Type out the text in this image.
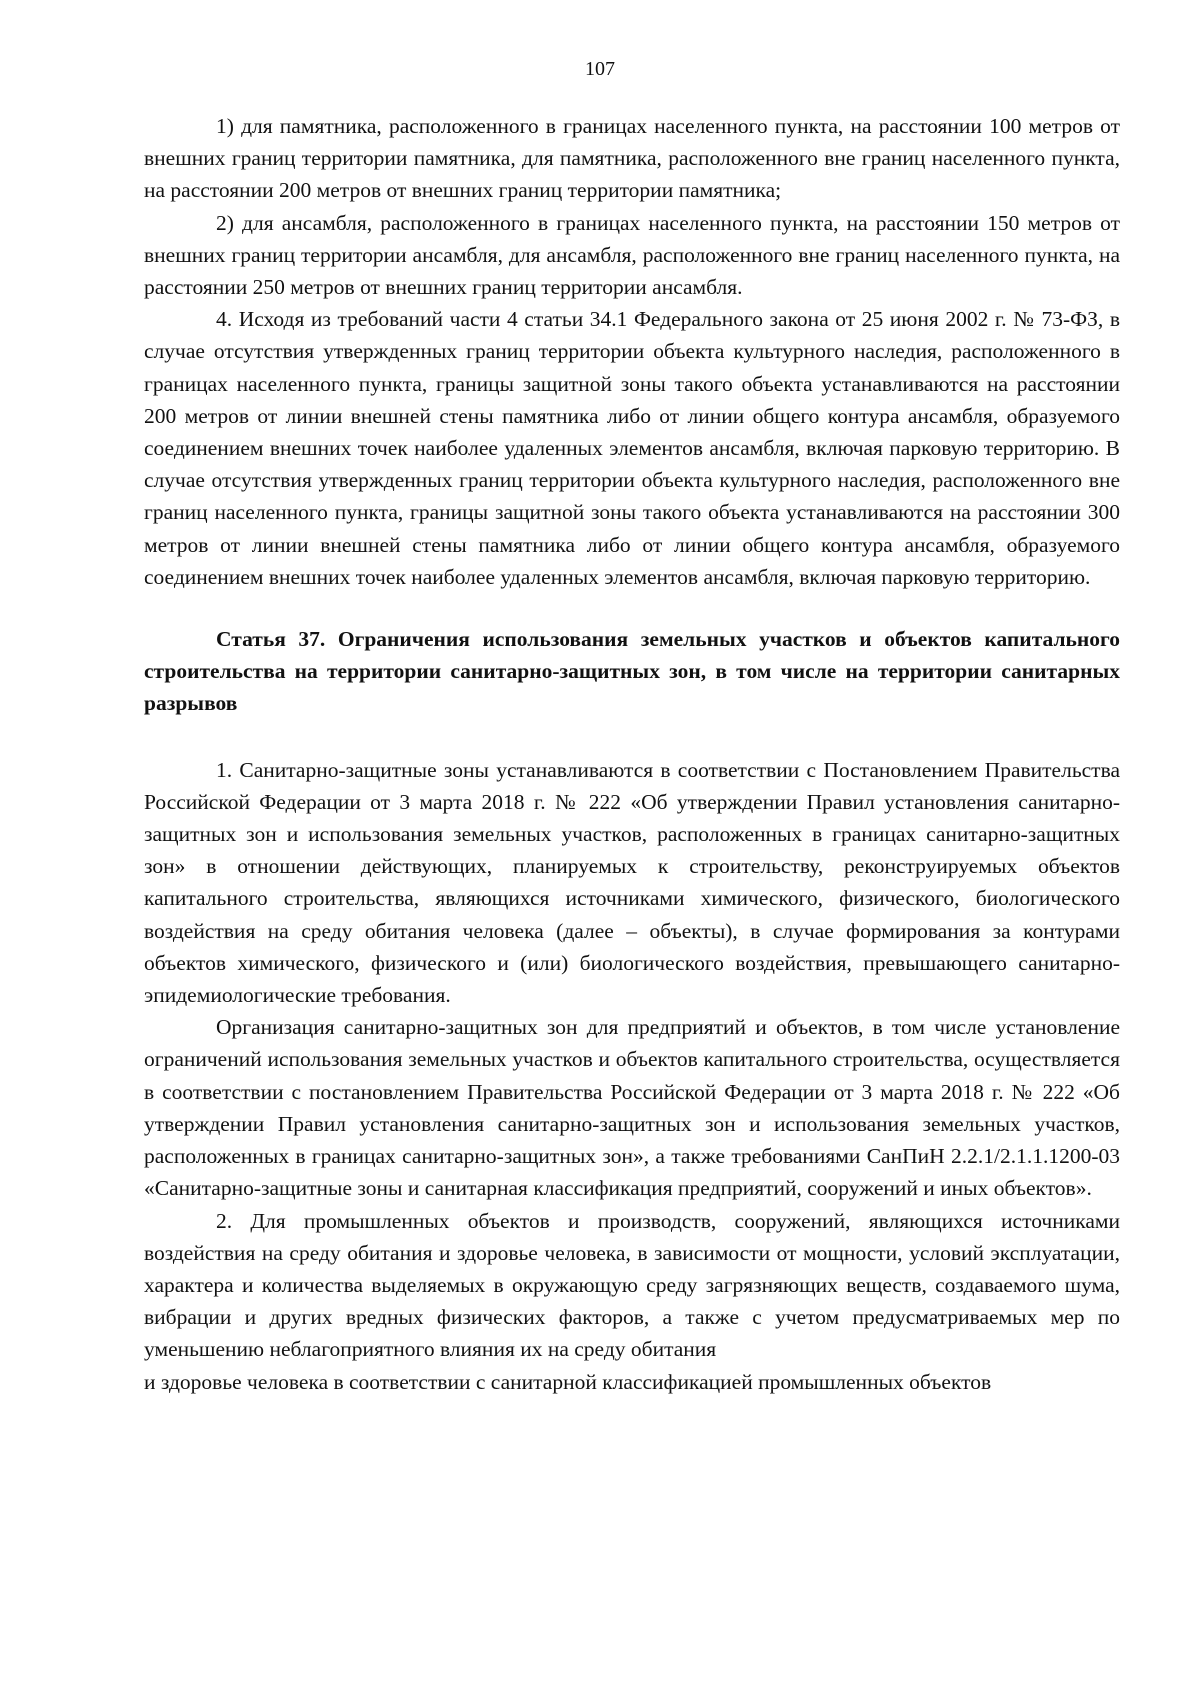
107

1) для памятника, расположенного в границах населенного пункта, на расстоянии 100 метров от внешних границ территории памятника, для памятника, расположенного вне границ населенного пункта, на расстоянии 200 метров от внешних границ территории памятника;

2) для ансамбля, расположенного в границах населенного пункта, на расстоянии 150 метров от внешних границ территории ансамбля, для ансамбля, расположенного вне границ населенного пункта, на расстоянии 250 метров от внешних границ территории ансамбля.

4. Исходя из требований части 4 статьи 34.1 Федерального закона от 25 июня 2002 г. № 73-ФЗ, в случае отсутствия утвержденных границ территории объекта культурного наследия, расположенного в границах населенного пункта, границы защитной зоны такого объекта устанавливаются на расстоянии 200 метров от линии внешней стены памятника либо от линии общего контура ансамбля, образуемого соединением внешних точек наиболее удаленных элементов ансамбля, включая парковую территорию. В случае отсутствия утвержденных границ территории объекта культурного наследия, расположенного вне границ населенного пункта, границы защитной зоны такого объекта устанавливаются на расстоянии 300 метров от линии внешней стены памятника либо от линии общего контура ансамбля, образуемого соединением внешних точек наиболее удаленных элементов ансамбля, включая парковую территорию.

Статья 37. Ограничения использования земельных участков и объектов капитального строительства на территории санитарно-защитных зон, в том числе на территории санитарных разрывов

1. Санитарно-защитные зоны устанавливаются в соответствии с Постановлением Правительства Российской Федерации от 3 марта 2018 г. № 222 «Об утверждении Правил установления санитарно-защитных зон и использования земельных участков, расположенных в границах санитарно-защитных зон» в отношении действующих, планируемых к строительству, реконструируемых объектов капитального строительства, являющихся источниками химического, физического, биологического воздействия на среду обитания человека (далее – объекты), в случае формирования за контурами объектов химического, физического и (или) биологического воздействия, превышающего санитарно-эпидемиологические требования.

Организация санитарно-защитных зон для предприятий и объектов, в том числе установление ограничений использования земельных участков и объектов капитального строительства, осуществляется в соответствии с постановлением Правительства Российской Федерации от 3 марта 2018 г. № 222 «Об утверждении Правил установления санитарно-защитных зон и использования земельных участков, расположенных в границах санитарно-защитных зон», а также требованиями СанПиН 2.2.1/2.1.1.1200-03 «Санитарно-защитные зоны и санитарная классификация предприятий, сооружений и иных объектов».

2. Для промышленных объектов и производств, сооружений, являющихся источниками воздействия на среду обитания и здоровье человека, в зависимости от мощности, условий эксплуатации, характера и количества выделяемых в окружающую среду загрязняющих веществ, создаваемого шума, вибрации и других вредных физических факторов, а также с учетом предусматриваемых мер по уменьшению неблагоприятного влияния их на среду обитания

и здоровье человека в соответствии с санитарной классификацией промышленных объектов
